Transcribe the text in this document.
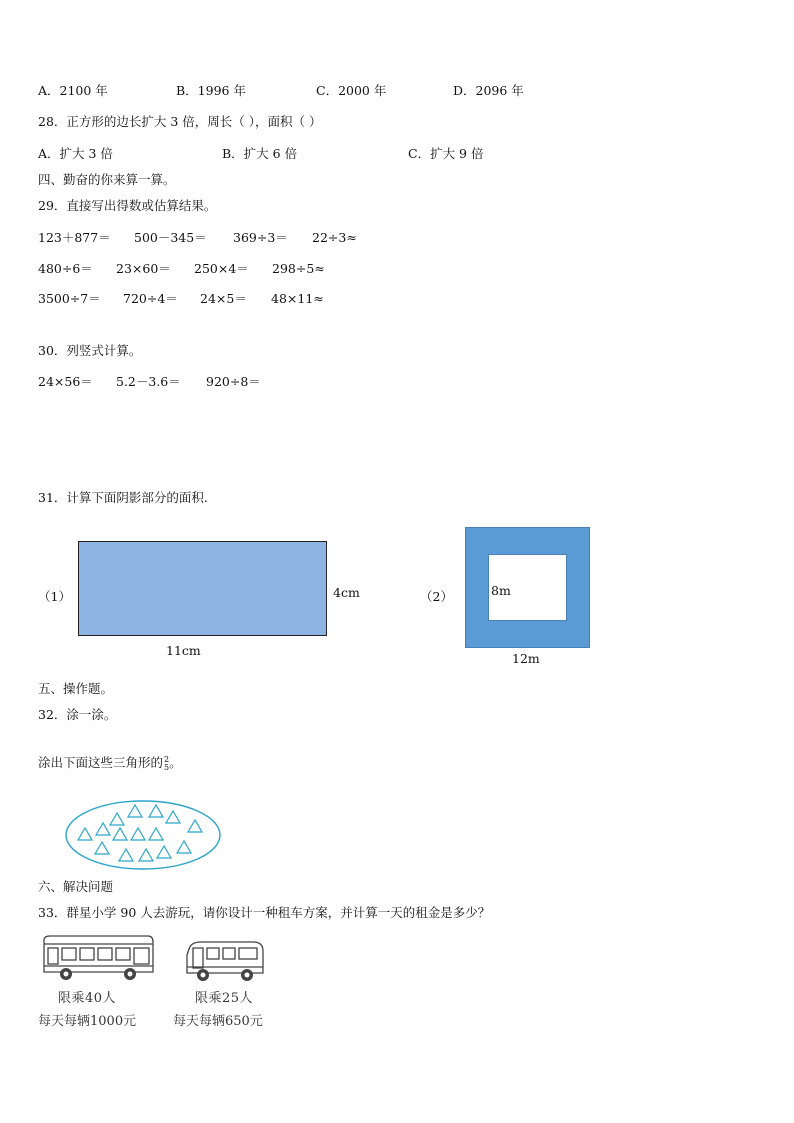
A．2100 年	B．1996 年	C．2000 年	D．2096 年
28．正方形的边长扩大 3 倍，周长（ ），面积（ ）
A．扩大 3 倍	B．扩大 6 倍	C．扩大 9 倍
四、勤奋的你来算一算。
29．直接写出得数或估算结果。
123＋877＝ 500－345＝ 369÷3＝ 22÷3≈
480÷6＝ 23×60＝ 250×4＝ 298÷5≈
3500÷7＝ 720÷4＝ 24×5＝ 48×11≈
30．列竖式计算。
24×56＝ 5.2－3.6＝ 920÷8＝
31．计算下面阴影部分的面积.
（1）	4cm
11cm
（2）	8m
12m
五、操作题。
32．涂一涂。
涂出下面这些三角形的 2
5 。
六、解决问题
33．群星小学 90 人去游玩，请你设计一种租车方案，并计算一天的租金是多少？
限乘40人
每天每辆1000元
限乘25人
每天每辆650元
